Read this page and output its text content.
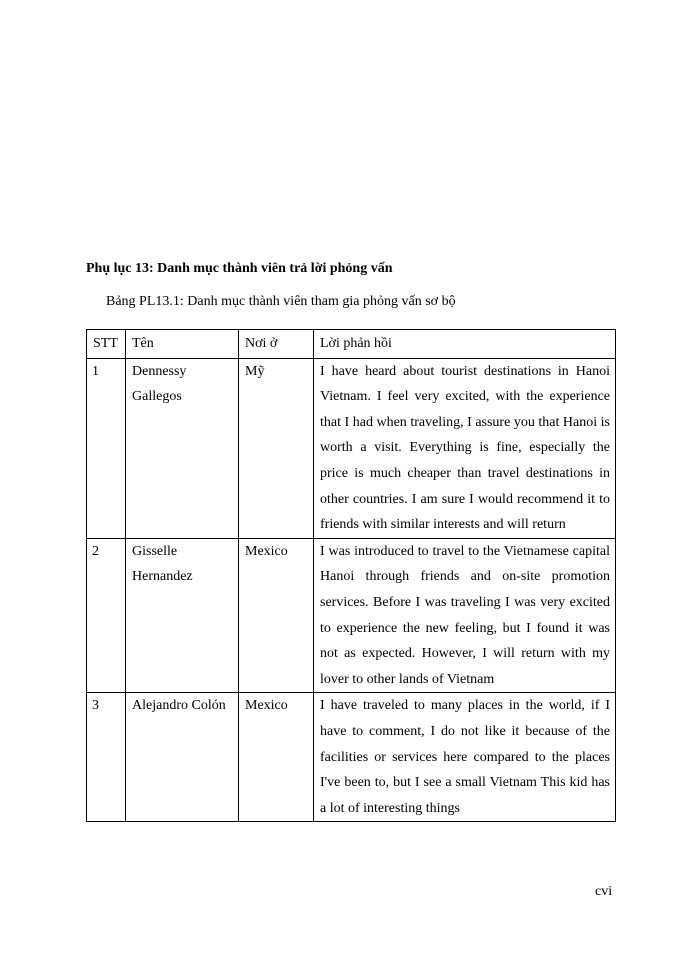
Phụ lục 13: Danh mục thành viên trả lời phỏng vấn
Bảng PL13.1: Danh mục thành viên tham gia phỏng vấn sơ bộ
STT	Tên	Nơi ở	Lời phản hồi
1	Dennessy Gallegos	Mỹ	I have heard about tourist destinations in Hanoi Vietnam. I feel very excited, with the experience that I had when traveling, I assure you that Hanoi is worth a visit. Everything is fine, especially the price is much cheaper than travel destinations in other countries. I am sure I would recommend it to friends with similar interests and will return
2	Gisselle Hernandez	Mexico	I was introduced to travel to the Vietnamese capital Hanoi through friends and on-site promotion services. Before I was traveling I was very excited to experience the new feeling, but I found it was not as expected. However, I will return with my lover to other lands of Vietnam
3	Alejandro Colón	Mexico	I have traveled to many places in the world, if I have to comment, I do not like it because of the facilities or services here compared to the places I've been to, but I see a small Vietnam This kid has a lot of interesting things
cvi
